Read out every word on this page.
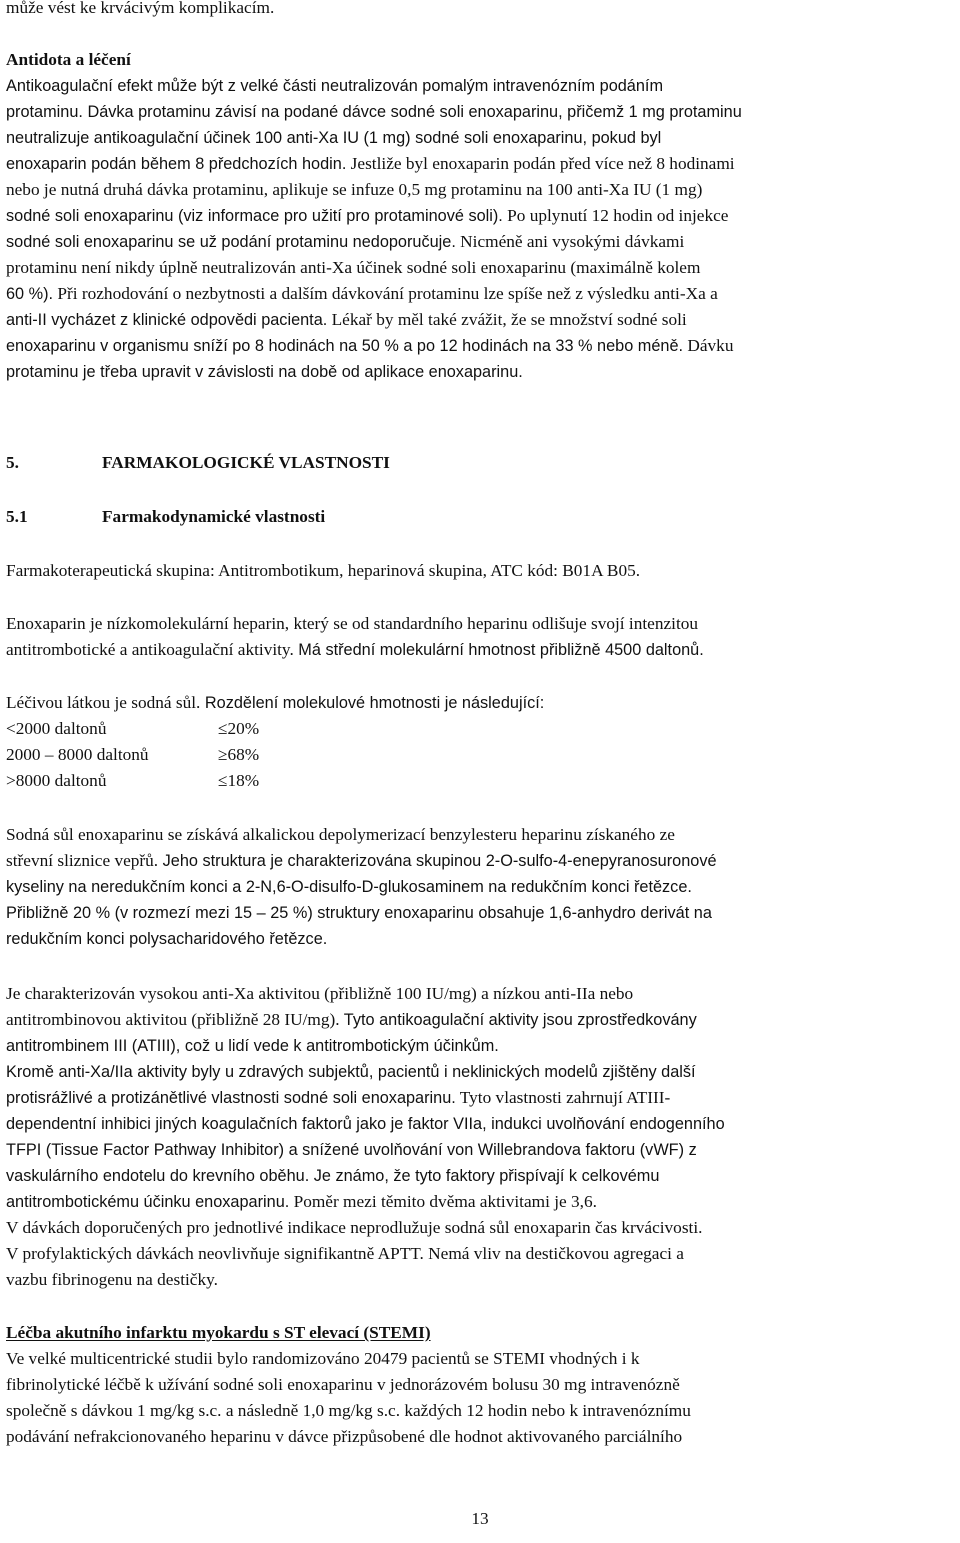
může vést ke krvácivým komplikacím.
Antidota a léčení
Antikoagulační efekt může být z velké části neutralizován pomalým intravenózním podáním
protaminu. Dávka protaminu závisí na podané dávce sodné soli enoxaparinu, přičemž 1 mg protaminu
neutralizuje antikoagulační účinek 100 anti-Xa IU (1 mg) sodné soli enoxaparinu, pokud byl
enoxaparin podán během 8 předchozích hodin. Jestliže byl enoxaparin podán před více než 8 hodinami
nebo je nutná druhá dávka protaminu, aplikuje se infuze 0,5 mg protaminu na 100 anti-Xa IU (1 mg)
sodné soli enoxaparinu (viz informace pro užití pro protaminové soli). Po uplynutí 12 hodin od injekce
sodné soli enoxaparinu se už podání protaminu nedoporučuje. Nicméně ani vysokými dávkami
protaminu není nikdy úplně neutralizován anti-Xa účinek sodné soli enoxaparinu (maximálně kolem
60 %). Při rozhodování o nezbytnosti a dalším dávkování protaminu lze spíše než z výsledku anti-Xa a
anti-II vycházet z klinické odpovědi pacienta. Lékař by měl také zvážit, že se množství sodné soli
enoxaparinu v organismu sníží po 8 hodinách na 50 % a po 12 hodinách na 33 % nebo méně. Dávku
protaminu je třeba upravit v závislosti na době od aplikace enoxaparinu.
5.	FARMAKOLOGICKÉ VLASTNOSTI
5.1	Farmakodynamické vlastnosti
Farmakoterapeutická skupina: Antitrombotikum, heparinová skupina, ATC kód: B01A B05.
Enoxaparin je nízkomolekulární heparin, který se od standardního heparinu odlišuje svojí intenzitou
antitrombotické a antikoagulační aktivity. Má střední molekulární hmotnost přibližně 4500 daltonů.
Léčivou látkou je sodná sůl. Rozdělení molekulové hmotnosti je následující:
<2000 daltonů	≤20%
2000 – 8000 daltonů	≥68%
>8000 daltonů	≤18%
Sodná sůl enoxaparinu se získává alkalickou depolymerizací benzylesteru heparinu získaného ze
střevní sliznice vepřů. Jeho struktura je charakterizována skupinou 2-O-sulfo-4-enepyranosuronové
kyseliny na neredukčním konci a 2-N,6-O-disulfo-D-glukosaminem na redukčním konci řetězce.
Přibližně 20 % (v rozmezí mezi 15 – 25 %) struktury enoxaparinu obsahuje 1,6-anhydro derivát na
redukčním konci polysacharidového řetězce.
Je charakterizován vysokou anti-Xa aktivitou (přibližně 100 IU/mg) a nízkou anti-IIa nebo
antitrombinovou aktivitou (přibližně 28 IU/mg). Tyto antikoagulační aktivity jsou zprostředkovány
antitrombinem III (ATIII), což u lidí vede k antitrombotickým účinkům.
Kromě anti-Xa/IIa aktivity byly u zdravých subjektů, pacientů i neklinických modelů zjištěny další
protisrážlivé a protizánětlivé vlastnosti sodné soli enoxaparinu. Tyto vlastnosti zahrnují ATIII-
dependentní inhibici jiných koagulačních faktorů jako je faktor VIIa, indukci uvolňování endogenního
TFPI (Tissue Factor Pathway Inhibitor) a snížené uvolňování von Willebrandova faktoru (vWF) z
vaskulárního endotelu do krevního oběhu. Je známo, že tyto faktory přispívají k celkovému
antitrombotickému účinku enoxaparinu. Poměr mezi těmito dvěma aktivitami je 3,6.
V dávkách doporučených pro jednotlivé indikace neprodlužuje sodná sůl enoxaparin čas krvácivosti.
V profylaktických dávkách neovlivňuje signifikantně APTT. Nemá vliv na destičkovou agregaci a
vazbu fibrinogenu na destičky.
Léčba akutního infarktu myokardu s ST elevací (STEMI)
Ve velké multicentrické studii bylo randomizováno 20479 pacientů se STEMI vhodných i k
fibrinolytické léčbě k užívání sodné soli enoxaparinu v jednorázovém bolusu 30 mg intravenózně
společně s dávkou 1 mg/kg s.c. a následně 1,0 mg/kg s.c. každých 12 hodin nebo k intravenóznímu
podávání nefrakcionovaného heparinu v dávce přizpůsobené dle hodnot aktivovaného parciálního
13
